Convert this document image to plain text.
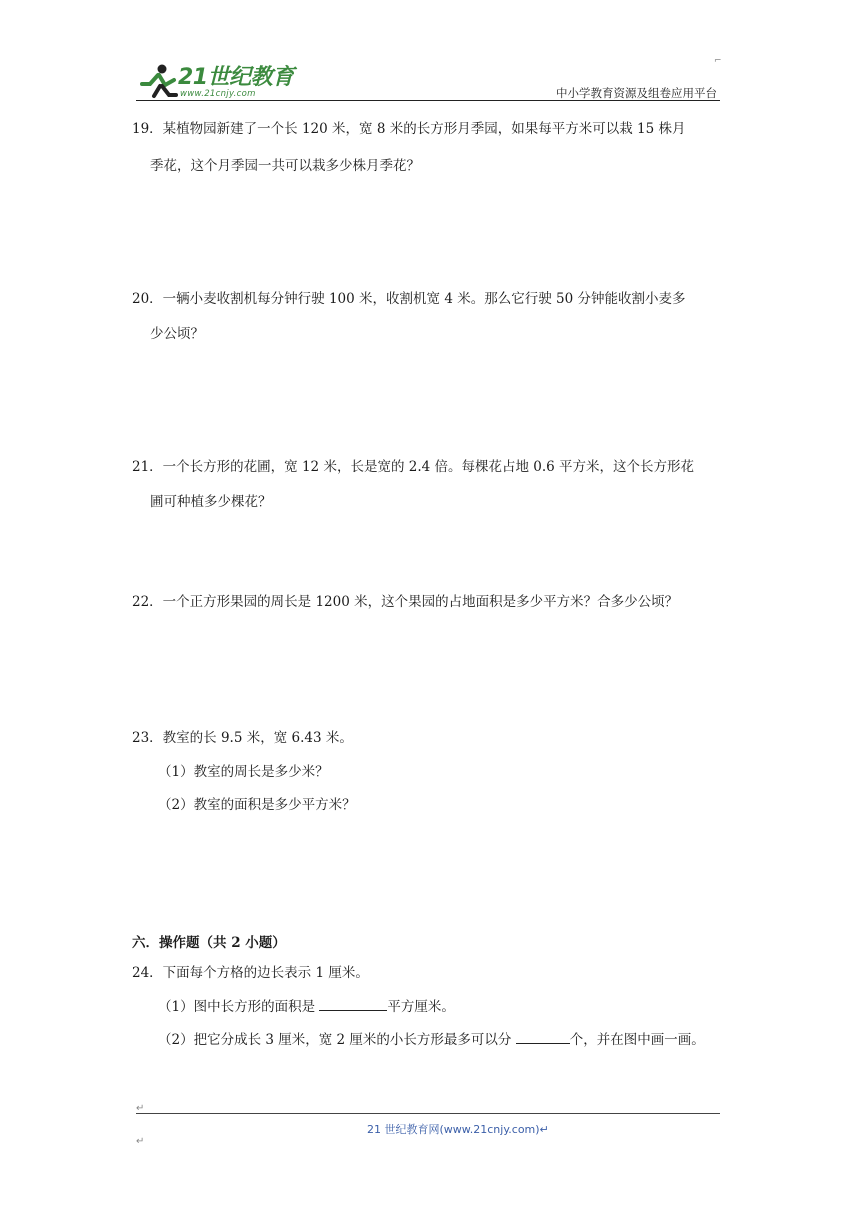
⌐
21世纪教育
www.21cnjy.com	中小学教育资源及组卷应用平台
19．某植物园新建了一个长 120 米，宽 8 米的长方形月季园，如果每平方米可以栽 15 株月
季花，这个月季园一共可以栽多少株月季花？
20．一辆小麦收割机每分钟行驶 100 米，收割机宽 4 米。那么它行驶 50 分钟能收割小麦多
少公顷？
21．一个长方形的花圃，宽 12 米，长是宽的 2.4 倍。每棵花占地 0.6 平方米，这个长方形花
圃可种植多少棵花？
22．一个正方形果园的周长是 1200 米，这个果园的占地面积是多少平方米？合多少公顷？
23．教室的长 9.5 米，宽 6.43 米。
（1）教室的周长是多少米？
（2）教室的面积是多少平方米？
六．操作题（共 2 小题）
24．下面每个方格的边长表示 1 厘米。
（1）图中长方形的面积是	平方厘米。
（2）把它分成长 3 厘米，宽 2 厘米的小长方形最多可以分	个，并在图中画一画。
↵
21 世纪教育网(www.21cnjy.com)↵
↵
